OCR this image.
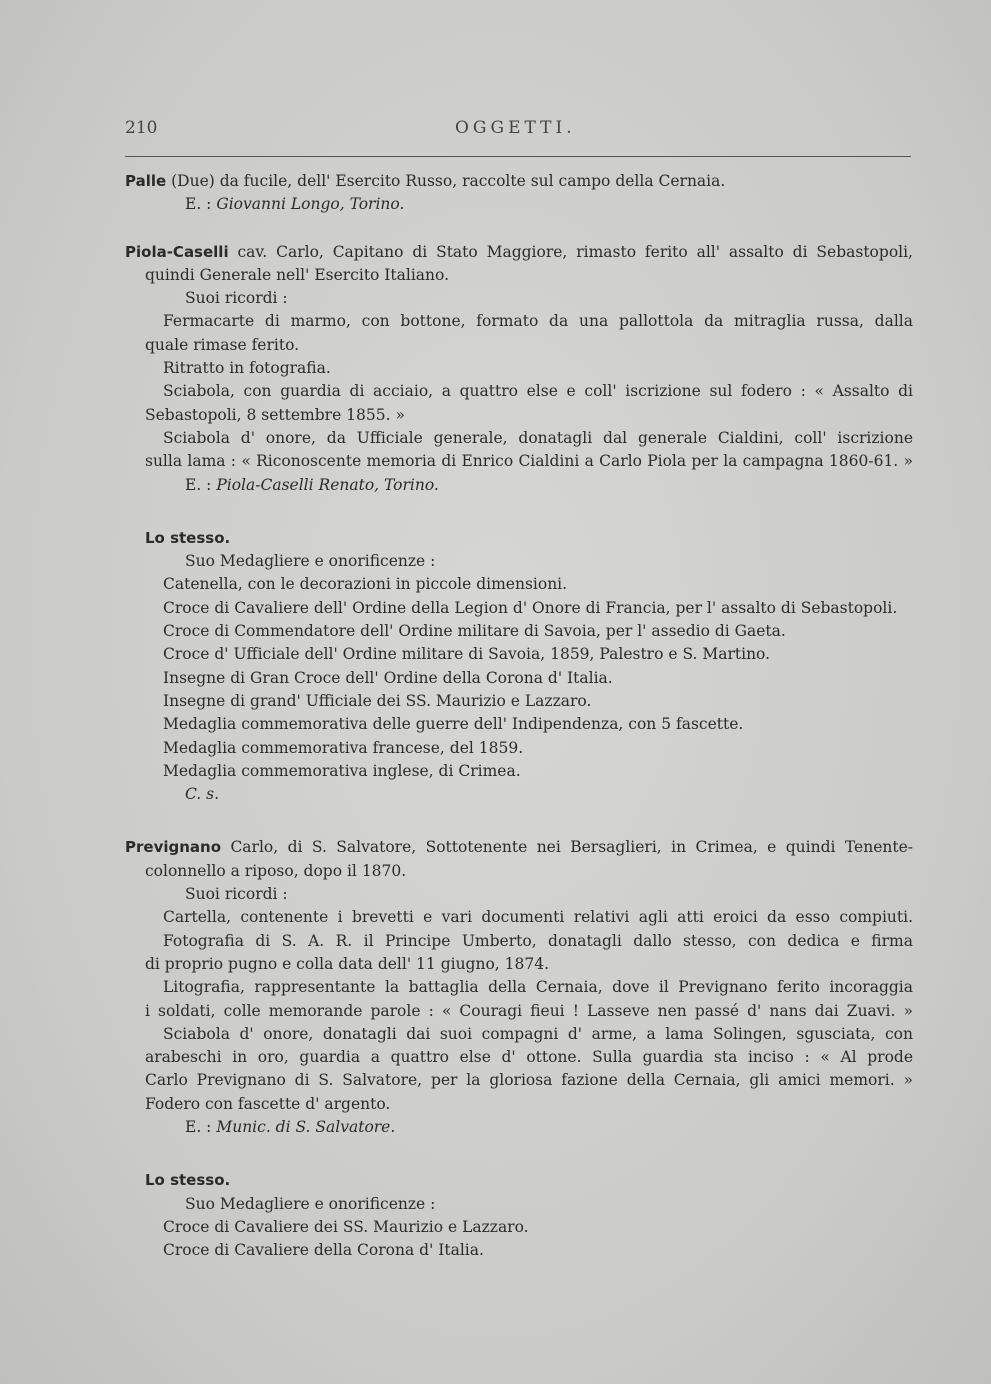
210	OGGETTI.
Palle (Due) da fucile, dell' Esercito Russo, raccolte sul campo della Cernaia.
E. : Giovanni Longo, Torino.
Piola-Caselli cav. Carlo, Capitano di Stato Maggiore, rimasto ferito all' assalto di Sebastopoli,
quindi Generale nell' Esercito Italiano.
Suoi ricordi :
Fermacarte di marmo, con bottone, formato da una pallottola da mitraglia russa, dalla
quale rimase ferito.
Ritratto in fotografia.
Sciabola, con guardia di acciaio, a quattro else e coll' iscrizione sul fodero : « Assalto di
Sebastopoli, 8 settembre 1855. »
Sciabola d' onore, da Ufficiale generale, donatagli dal generale Cialdini, coll' iscrizione
sulla lama : « Riconoscente memoria di Enrico Cialdini a Carlo Piola per la campagna 1860-61. »
E. : Piola-Caselli Renato, Torino.
Lo stesso.
Suo Medagliere e onorificenze :
Catenella, con le decorazioni in piccole dimensioni.
Croce di Cavaliere dell' Ordine della Legion d' Onore di Francia, per l' assalto di Sebastopoli.
Croce di Commendatore dell' Ordine militare di Savoia, per l' assedio di Gaeta.
Croce d' Ufficiale dell' Ordine militare di Savoia, 1859, Palestro e S. Martino.
Insegne di Gran Croce dell' Ordine della Corona d' Italia.
Insegne di grand' Ufficiale dei SS. Maurizio e Lazzaro.
Medaglia commemorativa delle guerre dell' Indipendenza, con 5 fascette.
Medaglia commemorativa francese, del 1859.
Medaglia commemorativa inglese, di Crimea.
C. s.
Prevignano Carlo, di S. Salvatore, Sottotenente nei Bersaglieri, in Crimea, e quindi Tenente-
colonnello a riposo, dopo il 1870.
Suoi ricordi :
Cartella, contenente i brevetti e vari documenti relativi agli atti eroici da esso compiuti.
Fotografia di S. A. R. il Principe Umberto, donatagli dallo stesso, con dedica e firma
di proprio pugno e colla data dell' 11 giugno, 1874.
Litografia, rappresentante la battaglia della Cernaia, dove il Prevignano ferito incoraggia
i soldati, colle memorande parole : « Couragi fieui ! Lasseve nen passé d' nans dai Zuavi. »
Sciabola d' onore, donatagli dai suoi compagni d' arme, a lama Solingen, sgusciata, con
arabeschi in oro, guardia a quattro else d' ottone. Sulla guardia sta inciso : « Al prode
Carlo Prevignano di S. Salvatore, per la gloriosa fazione della Cernaia, gli amici memori. »
Fodero con fascette d' argento.
E. : Munic. di S. Salvatore.
Lo stesso.
Suo Medagliere e onorificenze :
Croce di Cavaliere dei SS. Maurizio e Lazzaro.
Croce di Cavaliere della Corona d' Italia.
